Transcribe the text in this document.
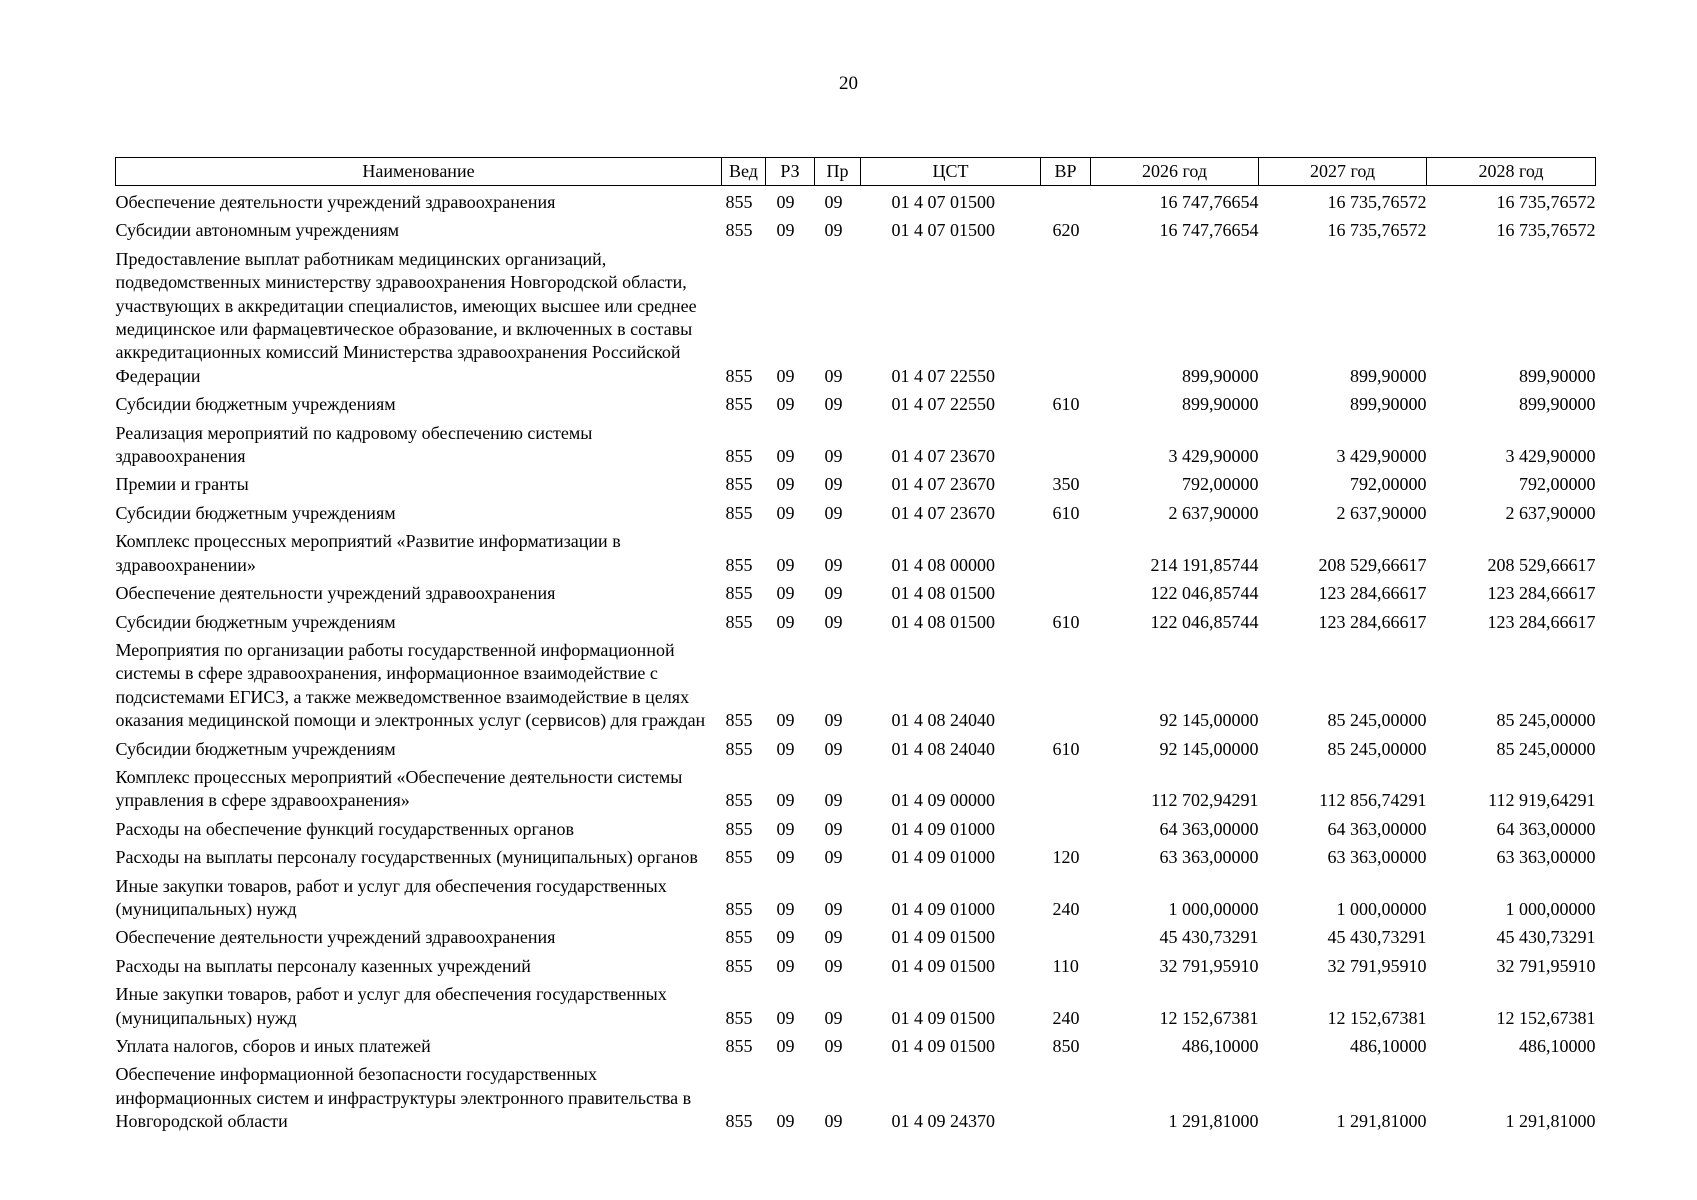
20
Наименование	Вед	РЗ	Пр	ЦСТ	ВР	2026 год	2027 год	2028 год
Обеспечение деятельности учреждений здравоохранения	855	09	09	01 4 07 01500		16 747,76654	16 735,76572	16 735,76572
Субсидии автономным учреждениям	855	09	09	01 4 07 01500	620	16 747,76654	16 735,76572	16 735,76572
Предоставление выплат работникам медицинских организаций, подведомственных министерству здравоохранения Новгородской области, участвующих в аккредитации специалистов, имеющих высшее или среднее медицинское или фармацевтическое образование, и включенных в составы аккредитационных комиссий Министерства здравоохранения Российской Федерации	855	09	09	01 4 07 22550		899,90000	899,90000	899,90000
Субсидии бюджетным учреждениям	855	09	09	01 4 07 22550	610	899,90000	899,90000	899,90000
Реализация мероприятий по кадровому обеспечению системы здравоохранения	855	09	09	01 4 07 23670		3 429,90000	3 429,90000	3 429,90000
Премии и гранты	855	09	09	01 4 07 23670	350	792,00000	792,00000	792,00000
Субсидии бюджетным учреждениям	855	09	09	01 4 07 23670	610	2 637,90000	2 637,90000	2 637,90000
Комплекс процессных мероприятий «Развитие информатизации в здравоохранении»	855	09	09	01 4 08 00000		214 191,85744	208 529,66617	208 529,66617
Обеспечение деятельности учреждений здравоохранения	855	09	09	01 4 08 01500		122 046,85744	123 284,66617	123 284,66617
Субсидии бюджетным учреждениям	855	09	09	01 4 08 01500	610	122 046,85744	123 284,66617	123 284,66617
Мероприятия по организации работы государственной информационной системы в сфере здравоохранения, информационное взаимодействие с подсистемами ЕГИСЗ, а также межведомственное взаимодействие в целях оказания медицинской помощи и электронных услуг (сервисов) для граждан	855	09	09	01 4 08 24040		92 145,00000	85 245,00000	85 245,00000
Субсидии бюджетным учреждениям	855	09	09	01 4 08 24040	610	92 145,00000	85 245,00000	85 245,00000
Комплекс процессных мероприятий «Обеспечение деятельности системы управления в сфере здравоохранения»	855	09	09	01 4 09 00000		112 702,94291	112 856,74291	112 919,64291
Расходы на обеспечение функций государственных органов	855	09	09	01 4 09 01000		64 363,00000	64 363,00000	64 363,00000
Расходы на выплаты персоналу государственных (муниципальных) органов	855	09	09	01 4 09 01000	120	63 363,00000	63 363,00000	63 363,00000
Иные закупки товаров, работ и услуг для обеспечения государственных (муниципальных) нужд	855	09	09	01 4 09 01000	240	1 000,00000	1 000,00000	1 000,00000
Обеспечение деятельности учреждений здравоохранения	855	09	09	01 4 09 01500		45 430,73291	45 430,73291	45 430,73291
Расходы на выплаты персоналу казенных учреждений	855	09	09	01 4 09 01500	110	32 791,95910	32 791,95910	32 791,95910
Иные закупки товаров, работ и услуг для обеспечения государственных (муниципальных) нужд	855	09	09	01 4 09 01500	240	12 152,67381	12 152,67381	12 152,67381
Уплата налогов, сборов и иных платежей	855	09	09	01 4 09 01500	850	486,10000	486,10000	486,10000
Обеспечение информационной безопасности государственных информационных систем и инфраструктуры электронного правительства в Новгородской области	855	09	09	01 4 09 24370		1 291,81000	1 291,81000	1 291,81000
